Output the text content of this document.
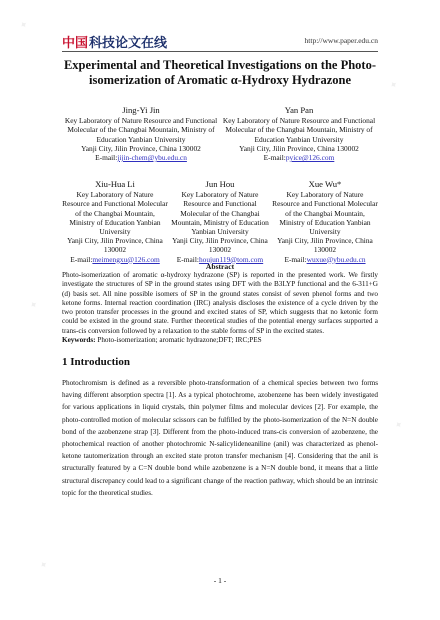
✦
✦
✦
✦
✦
中国 科技论文在线	http://www.paper.edu.cn
Experimental and Theoretical Investigations on the Photo-isomerization of Aromatic α-Hydroxy Hydrazone
Jing-Yi Jin
Key Laboratory of Nature Resource and Functional Molecular of the Changbai Mountain, Ministry of Education Yanbian University
Yanji City, Jilin Province, China 130002
E-mail:jijin-chem@ybu.edu.cn
Yan Pan
Key Laboratory of Nature Resource and Functional Molecular of the Changbai Mountain, Ministry of Education Yanbian University
Yanji City, Jilin Province, China 130002
E-mail:pyice@126.com
Xiu-Hua Li
Key Laboratory of Nature Resource and Functional Molecular of the Changbai Mountain, Ministry of Education Yanbian University
Yanji City, Jilin Province, China 130002
E-mail:meimengxu@126.com
Jun Hou
Key Laboratory of Nature Resource and Functional Molecular of the Changbai Mountain, Ministry of Education Yanbian University
Yanji City, Jilin Province, China 130002
E-mail:houjun119@tom.com
Xue Wu*
Key Laboratory of Nature Resource and Functional Molecular of the Changbai Mountain, Ministry of Education Yanbian University
Yanji City, Jilin Province, China 130002
E-mail:wuxue@ybu.edu.cn
Abstract
Photo-isomerization of aromatic α-hydroxy hydrazone (SP) is reported in the presented work. We firstly investigate the structures of SP in the ground states using DFT with the B3LYP functional and the 6-311+G (d) basis set. All nine possible isomers of SP in the ground states consist of seven phenol forms and two ketone forms. Internal reaction coordination (IRC) analysis discloses the existence of a cycle driven by the two proton transfer processes in the ground and excited states of SP, which suggests that no ketonic form could be existed in the ground state. Further theoretical studies of the potential energy surfaces supported a trans-cis conversion followed by a relaxation to the stable forms of SP in the excited states.
Keywords: Photo-isomerization; aromatic hydrazone;DFT; IRC;PES
1 Introduction
Photochromism is defined as a reversible photo-transformation of a chemical species between two forms having different absorption spectra [1]. As a typical photochrome, azobenzene has been widely investigated for various applications in liquid crystals, thin polymer films and molecular devices [2]. For example, the photo-controlled motion of molecular scissors can be fulfilled by the photo-isomerization of the N=N double bond of the azobenzene strap [3]. Different from the photo-induced trans-cis conversion of azobenzene, the photochemical reaction of another photochromic N-salicylideneaniline (anil) was characterized as phenol-ketone tautomerization through an excited state proton transfer mechanism [4]. Considering that the anil is structurally featured by a C=N double bond while azobenzene is a N=N double bond, it means that a little structural discrepancy could lead to a significant change of the reaction pathway, which should be an intrinsic topic for the theoretical studies.
- 1 -
